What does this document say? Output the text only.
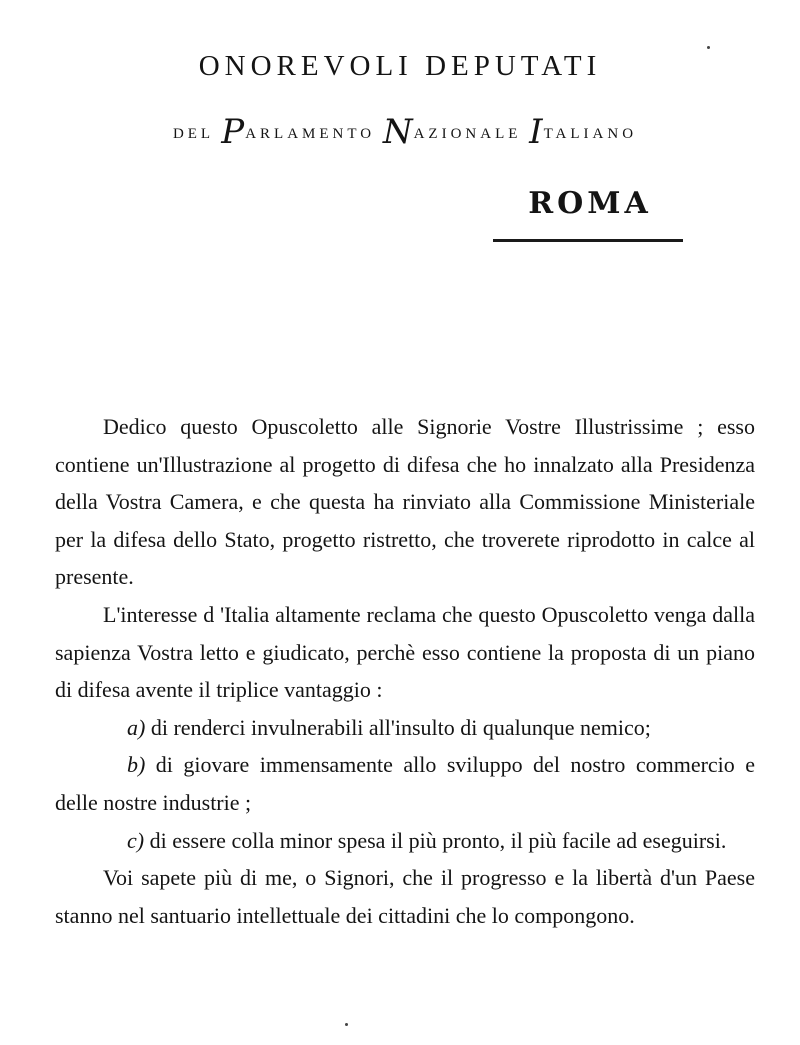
ONOREVOLI DEPUTATI
DEL PARLAMENTO NAZIONALE ITALIANO
ROMA

Dedico questo Opuscoletto alle Signorie Vostre Illustrissime ; esso contiene un'Illustrazione al progetto di difesa che ho innalzato alla Presidenza della Vostra Camera, e che questa ha rinviato alla Commissione Ministeriale per la difesa dello Stato, progetto ristretto, che troverete riprodotto in calce al presente.

L'interesse d 'Italia altamente reclama che questo Opuscoletto venga dalla sapienza Vostra letto e giudicato, perchè esso contiene la proposta di un piano di difesa avente il triplice vantaggio :

a) di renderci invulnerabili all'insulto di qualunque nemico;

b) di giovare immensamente allo sviluppo del nostro commercio e delle nostre industrie ;

c) di essere colla minor spesa il più pronto, il più facile ad eseguirsi.

Voi sapete più di me, o Signori, che il progresso e la libertà d'un Paese stanno nel santuario intellettuale dei cittadini che lo compongono.
